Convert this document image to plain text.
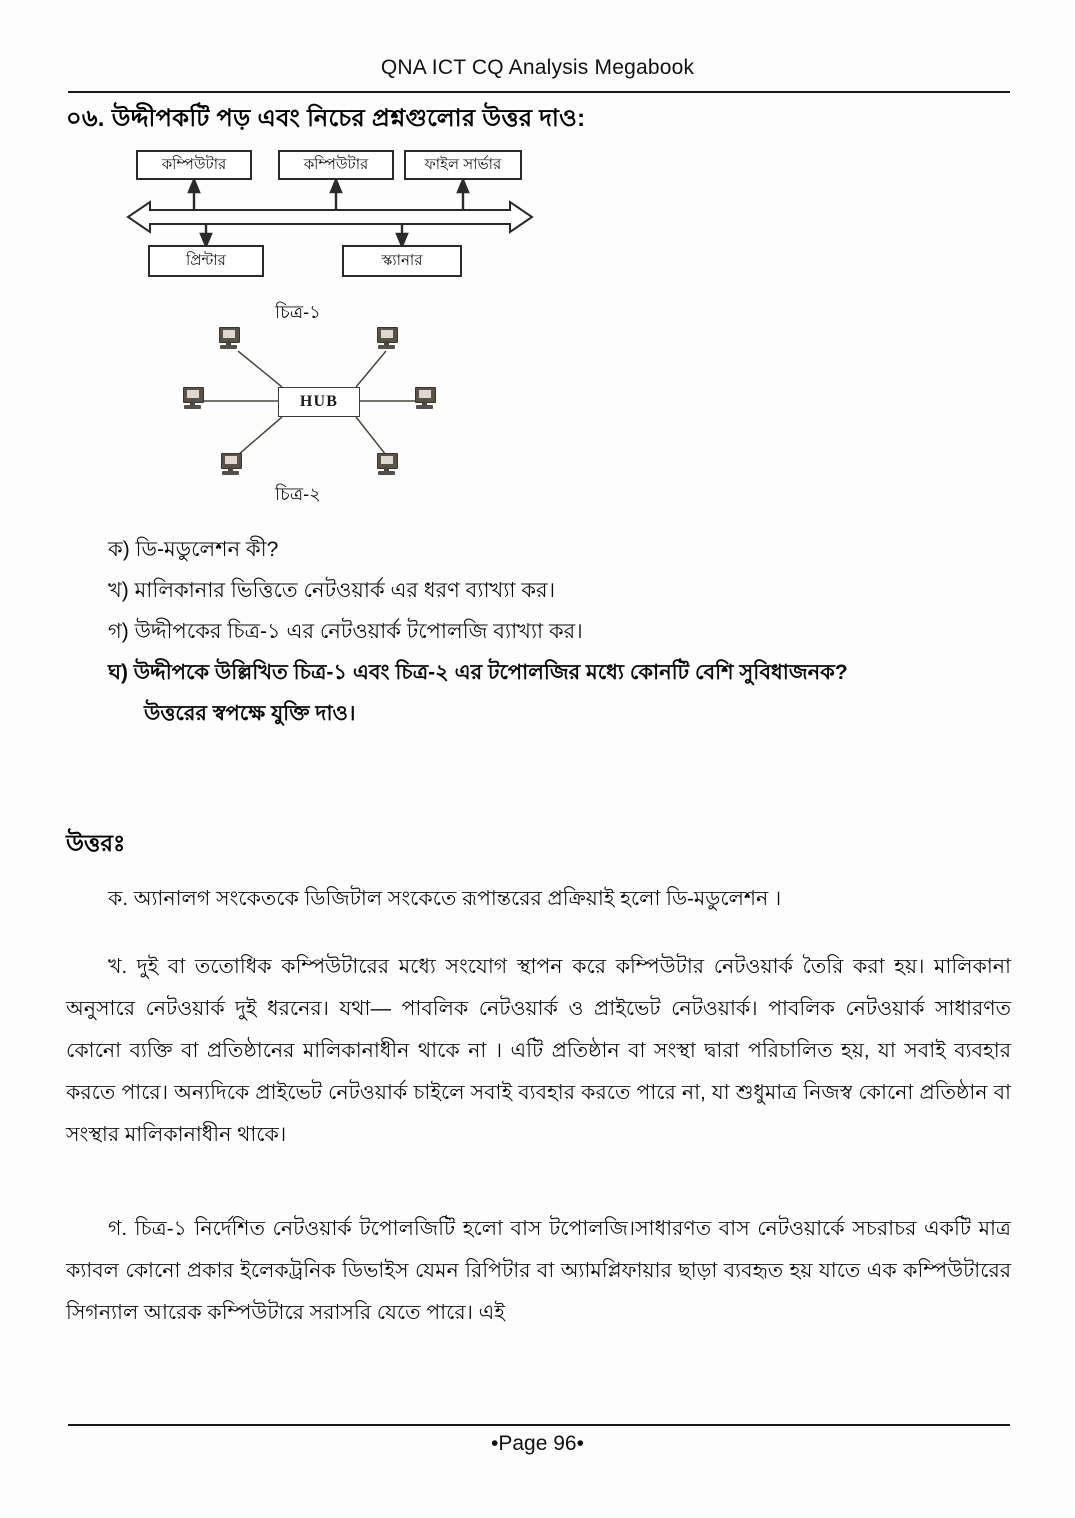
QNA ICT CQ Analysis Megabook
০৬. উদ্দীপকটি পড় এবং নিচের প্রশ্নগুলোর উত্তর দাও:
কম্পিউটার	কম্পিউটার	ফাইল সার্ভার
প্রিন্টার	স্ক্যানার
চিত্র-১
HUB
চিত্র-২
ক) ডি-মডুলেশন কী?
খ) মালিকানার ভিত্তিতে নেটওয়ার্ক এর ধরণ ব্যাখ্যা কর।
গ) উদ্দীপকের চিত্র-১ এর নেটওয়ার্ক টপোলজি ব্যাখ্যা কর।
ঘ) উদ্দীপকে উল্লিখিত চিত্র-১ এবং চিত্র-২ এর টপোলজির মধ্যে কোনটি বেশি সুবিধাজনক?
উত্তরের স্বপক্ষে যুক্তি দাও।
উত্তরঃ

ক. অ্যানালগ সংকেতকে ডিজিটাল সংকেতে রূপান্তরের প্রক্রিয়াই হলো ডি-মডুলেশন ।

খ. দুই বা ততোধিক কম্পিউটারের মধ্যে সংযোগ স্থাপন করে কম্পিউটার নেটওয়ার্ক তৈরি করা হয়। মালিকানা অনুসারে নেটওয়ার্ক দুই ধরনের। যথা— পাবলিক নেটওয়ার্ক ও প্রাইভেট নেটওয়ার্ক। পাবলিক নেটওয়ার্ক সাধারণত কোনো ব্যক্তি বা প্রতিষ্ঠানের মালিকানাধীন থাকে না । এটি প্রতিষ্ঠান বা সংস্থা দ্বারা পরিচালিত হয়, যা সবাই ব্যবহার করতে পারে। অন্যদিকে প্রাইভেট নেটওয়ার্ক চাইলে সবাই ব্যবহার করতে পারে না, যা শুধুমাত্র নিজস্ব কোনো প্রতিষ্ঠান বা সংস্থার মালিকানাধীন থাকে।

গ. চিত্র-১ নির্দেশিত নেটওয়ার্ক টপোলজিটি হলো বাস টপোলজি।সাধারণত বাস নেটওয়ার্কে সচরাচর একটি মাত্র ক্যাবল কোনো প্রকার ইলেকট্রনিক ডিভাইস যেমন রিপিটার বা অ্যামপ্লিফায়ার ছাড়া ব্যবহৃত হয় যাতে এক কম্পিউটারের সিগন্যাল আরেক কম্পিউটারে সরাসরি যেতে পারে। এই

•Page 96•
